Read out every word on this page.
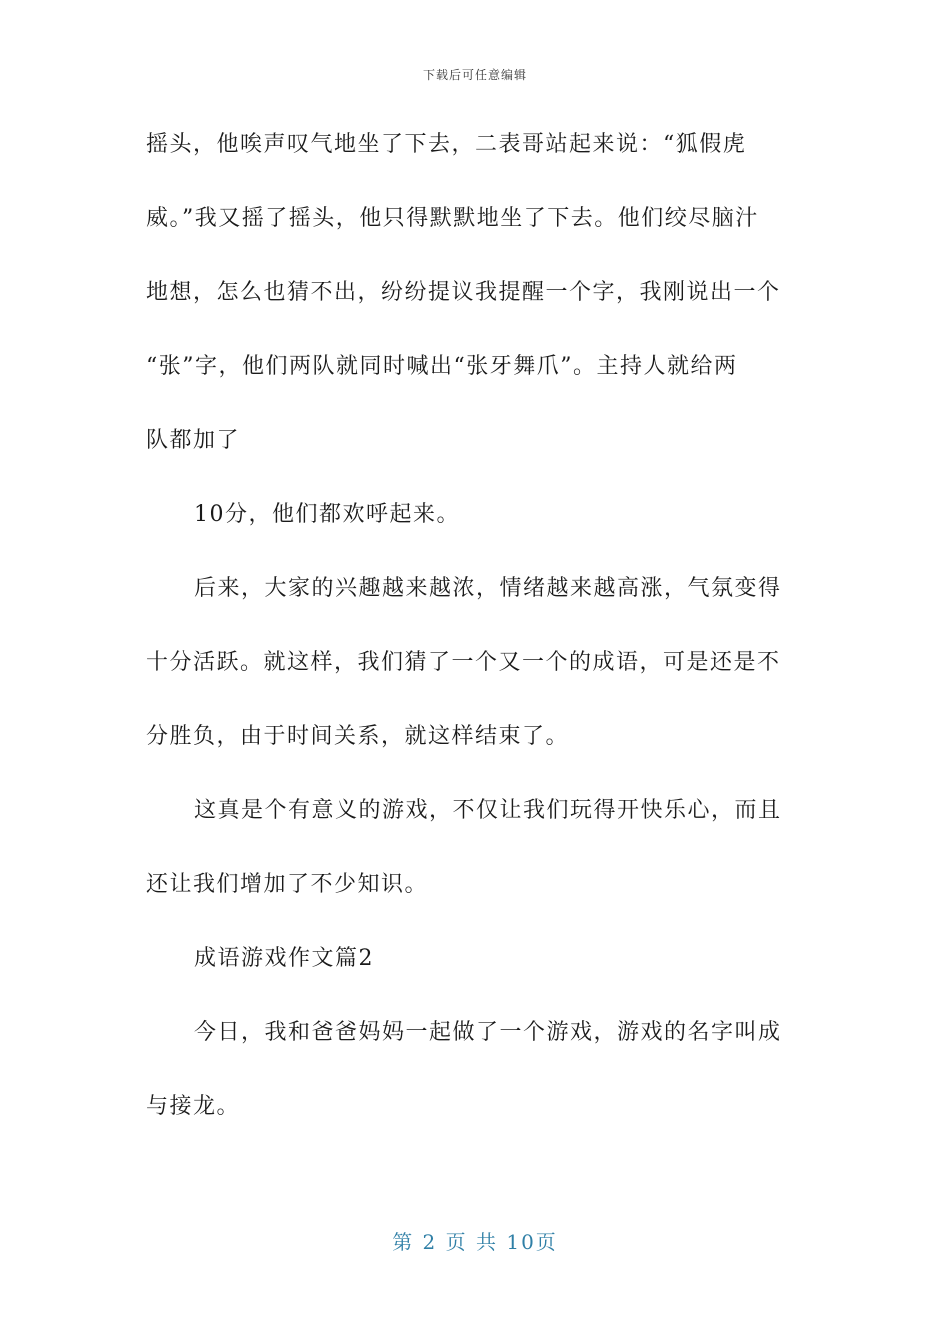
下载后可任意编辑
摇头，他唉声叹气地坐了下去，二表哥站起来说：“狐假虎
威。”我又摇了摇头，他只得默默地坐了下去。他们绞尽脑汁
地想，怎么也猜不出，纷纷提议我提醒一个字，我刚说出一个
“张”字，他们两队就同时喊出“张牙舞爪”。主持人就给两
队都加了
10分，他们都欢呼起来。
后来，大家的兴趣越来越浓，情绪越来越高涨，气氛变得
十分活跃。就这样，我们猜了一个又一个的成语，可是还是不
分胜负，由于时间关系，就这样结束了。
这真是个有意义的游戏，不仅让我们玩得开快乐心，而且
还让我们增加了不少知识。
成语游戏作文篇2
今日，我和爸爸妈妈一起做了一个游戏，游戏的名字叫成
与接龙。
第 2 页 共 10页
